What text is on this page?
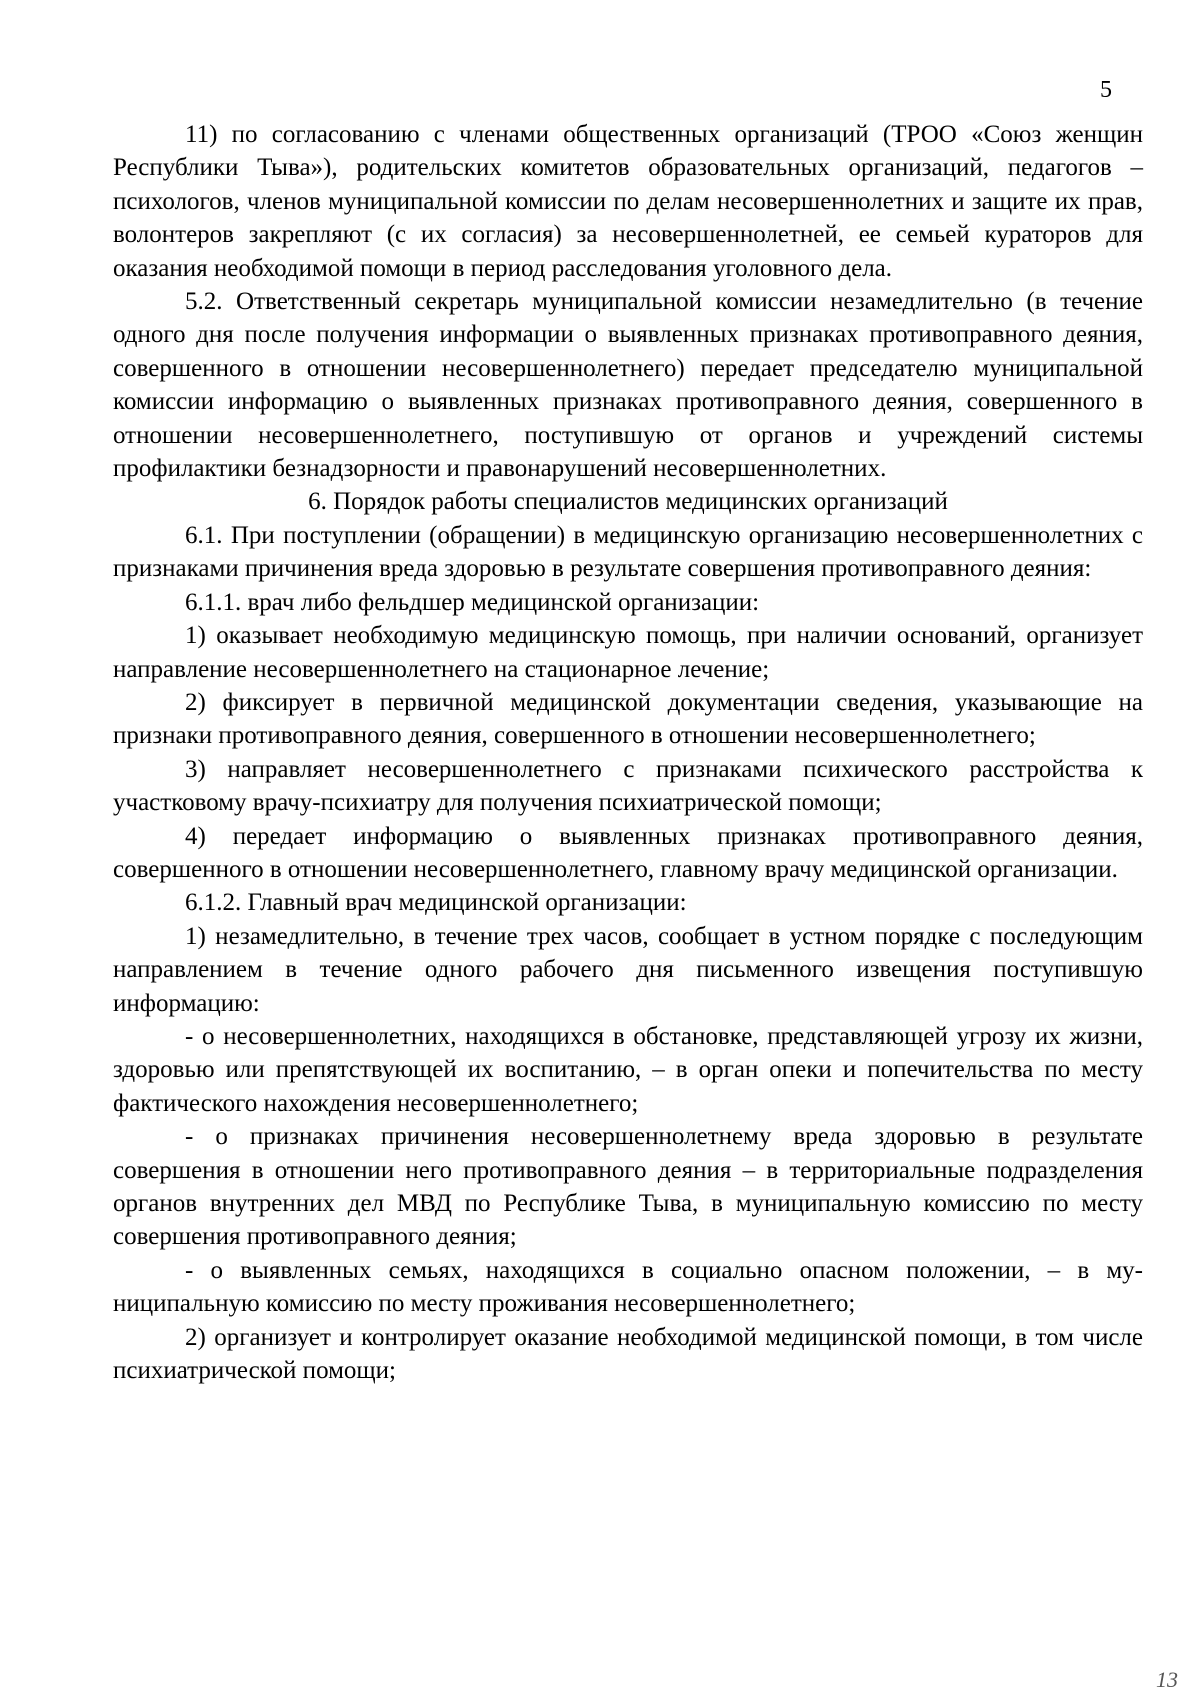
5

11) по согласованию с членами общественных организаций (ТРОО «Союз женщин Республики Тыва»), родительских комитетов образовательных организаций, педагогов – психологов, членов муниципальной комиссии по делам несовершеннолетних и защите их прав, волонтеров закрепляют (с их согласия) за несовершеннолетней, ее семьей кураторов для оказания необходимой помощи в период расследования уголовного дела.

5.2. Ответственный секретарь муниципальной комиссии незамедлительно (в течение одного дня после получения информации о выявленных признаках противоправного деяния, совершенного в отношении несовершеннолетнего) передает председателю муниципальной комиссии информацию о выявленных признаках противоправного деяния, совершенного в отношении несовершеннолетнего, поступившую от органов и учреждений системы профилактики безнадзорности и правонарушений несовершеннолетних.

6. Порядок работы специалистов медицинских организаций

6.1. При поступлении (обращении) в медицинскую организацию несовершеннолетних с признаками причинения вреда здоровью в результате совершения противоправного деяния:

6.1.1. врач либо фельдшер медицинской организации:

1) оказывает необходимую медицинскую помощь, при наличии оснований, организует направление несовершеннолетнего на стационарное лечение;

2) фиксирует в первичной медицинской документации сведения, указывающие на признаки противоправного деяния, совершенного в отношении несовершеннолетнего;

3) направляет несовершеннолетнего с признаками психического расстройства к участковому врачу-психиатру для получения психиатрической помощи;

4) передает информацию о выявленных признаках противоправного деяния, совершенного в отношении несовершеннолетнего, главному врачу медицинской организации.

6.1.2. Главный врач медицинской организации:

1) незамедлительно, в течение трех часов, сообщает в устном порядке с последующим направлением в течение одного рабочего дня письменного извещения поступившую информацию:

- о несовершеннолетних, находящихся в обстановке, представляющей угрозу их жизни, здоровью или препятствующей их воспитанию, – в орган опеки и попечительства по месту фактического нахождения несовершеннолетнего;

- о признаках причинения несовершеннолетнему вреда здоровью в результате совершения в отношении него противоправного деяния – в территориальные подразделения органов внутренних дел МВД по Республике Тыва, в муниципальную комиссию по месту совершения противоправного деяния;

- о выявленных семьях, находящихся в социально опасном положении, – в муниципальную комиссию по месту проживания несовершеннолетнего;

2) организует и контролирует оказание необходимой медицинской помощи, в том числе психиатрической помощи;

13
